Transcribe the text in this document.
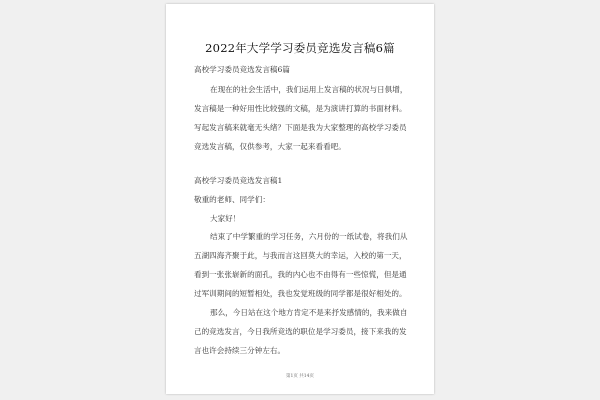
2022年大学学习委员竞选发言稿6篇
高校学习委员竞选发言稿6篇
在现在的社会生活中，我们运用上发言稿的状况与日俱增，
发言稿是一种好用性比较强的文稿，是为演讲打算的书面材料。
写起发言稿来就毫无头绪？下面是我为大家整理的高校学习委员
竞选发言稿，仅供参考，大家一起来看看吧。
高校学习委员竞选发言稿1
敬重的老师、同学们：
大家好！
结束了中学繁重的学习任务，六月份的一纸试卷，将我们从
五湖四海齐聚于此，与我而言这回莫大的幸运，入校的第一天，
看到一张张崭新的面孔，我的内心也不由得有一些惊慌，但是通
过军训期间的短暂相处，我也发觉班级的同学都是很好相处的。
那么，今日站在这个地方肯定不是来抒发感情的，我来做自
己的竞选发言，今日我所竞选的职位是学习委员，接下来我的发
言也许会持续三分钟左右。
第1页 共14页
